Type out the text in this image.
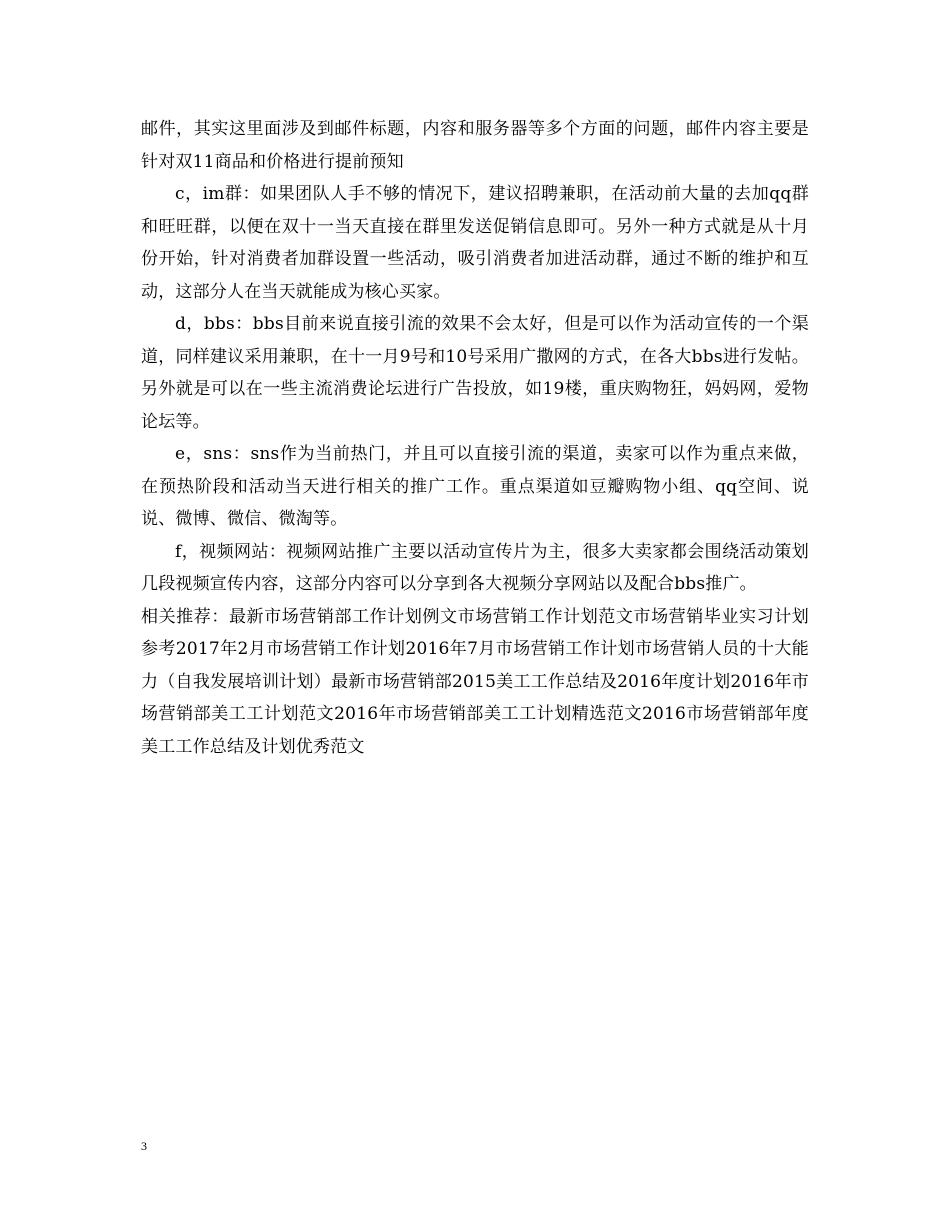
邮件，其实这里面涉及到邮件标题，内容和服务器等多个方面的问题，邮件内容主要是针对双11商品和价格进行提前预知

c，im群：如果团队人手不够的情况下，建议招聘兼职，在活动前大量的去加qq群和旺旺群，以便在双十一当天直接在群里发送促销信息即可。另外一种方式就是从十月份开始，针对消费者加群设置一些活动，吸引消费者加进活动群，通过不断的维护和互动，这部分人在当天就能成为核心买家。

d，bbs：bbs目前来说直接引流的效果不会太好，但是可以作为活动宣传的一个渠道，同样建议采用兼职，在十一月9号和10号采用广撒网的方式，在各大bbs进行发帖。另外就是可以在一些主流消费论坛进行广告投放，如19楼，重庆购物狂，妈妈网，爱物论坛等。

e，sns：sns作为当前热门，并且可以直接引流的渠道，卖家可以作为重点来做，在预热阶段和活动当天进行相关的推广工作。重点渠道如豆瓣购物小组、qq空间、说说、微博、微信、微淘等。

f，视频网站：视频网站推广主要以活动宣传片为主，很多大卖家都会围绕活动策划几段视频宣传内容，这部分内容可以分享到各大视频分享网站以及配合bbs推广。

相关推荐：最新市场营销部工作计划例文市场营销工作计划范文市场营销毕业实习计划参考2017年2月市场营销工作计划2016年7月市场营销工作计划市场营销人员的十大能力（自我发展培训计划）最新市场营销部2015美工工作总结及2016年度计划2016年市场营销部美工工计划范文2016年市场营销部美工工计划精选范文2016市场营销部年度美工工作总结及计划优秀范文

3
